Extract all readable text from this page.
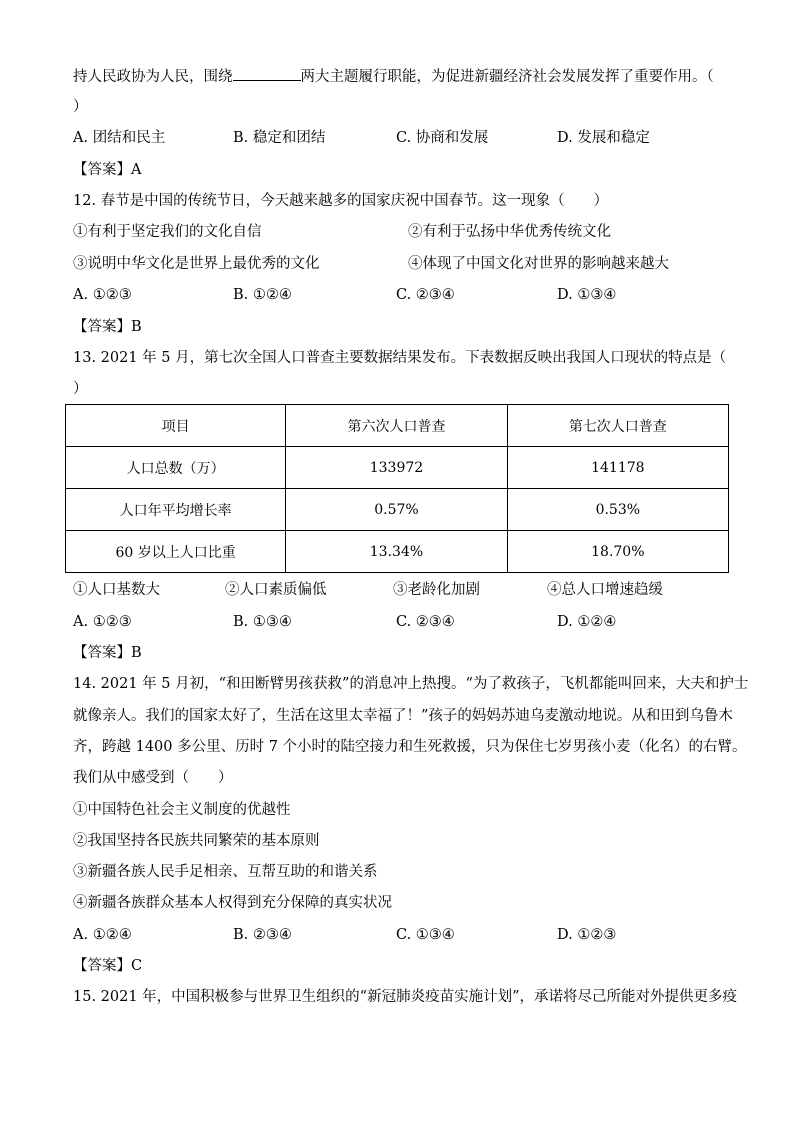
持人民政协为人民，围绕	两大主题履行职能，为促进新疆经济社会发展发挥了重要作用。（
）
A. 团结和民主	B. 稳定和团结	C. 协商和发展	D. 发展和稳定
【答案】A
12. 春节是中国的传统节日，今天越来越多的国家庆祝中国春节。这一现象（　　）
①有利于坚定我们的文化自信	②有利于弘扬中华优秀传统文化
③说明中华文化是世界上最优秀的文化	④体现了中国文化对世界的影响越来越大
A. ①②③	B. ①②④	C. ②③④	D. ①③④
【答案】B
13. 2021 年 5 月，第七次全国人口普查主要数据结果发布。下表数据反映出我国人口现状的特点是（
）
项目	第六次人口普查	第七次人口普查
人口总数（万）	133972	141178
人口年平均增长率	0.57%	0.53%
60 岁以上人口比重	13.34%	18.70%
①人口基数大	②人口素质偏低	③老龄化加剧	④总人口增速趋缓
A. ①②③	B. ①③④	C. ②③④	D. ①②④
【答案】B
14. 2021 年 5 月初，“和田断臂男孩获救”的消息冲上热搜。“为了救孩子，飞机都能叫回来，大夫和护士
就像亲人。我们的国家太好了，生活在这里太幸福了！”孩子的妈妈苏迪乌麦激动地说。从和田到乌鲁木
齐，跨越 1400 多公里、历时 7 个小时的陆空接力和生死救援，只为保住七岁男孩小麦（化名）的右臂。
我们从中感受到（　　）
①中国特色社会主义制度的优越性
②我国坚持各民族共同繁荣的基本原则
③新疆各族人民手足相亲、互帮互助的和谐关系
④新疆各族群众基本人权得到充分保障的真实状况
A. ①②④	B. ②③④	C. ①③④	D. ①②③
【答案】C
15. 2021 年，中国积极参与世界卫生组织的“新冠肺炎疫苗实施计划”，承诺将尽己所能对外提供更多疫
